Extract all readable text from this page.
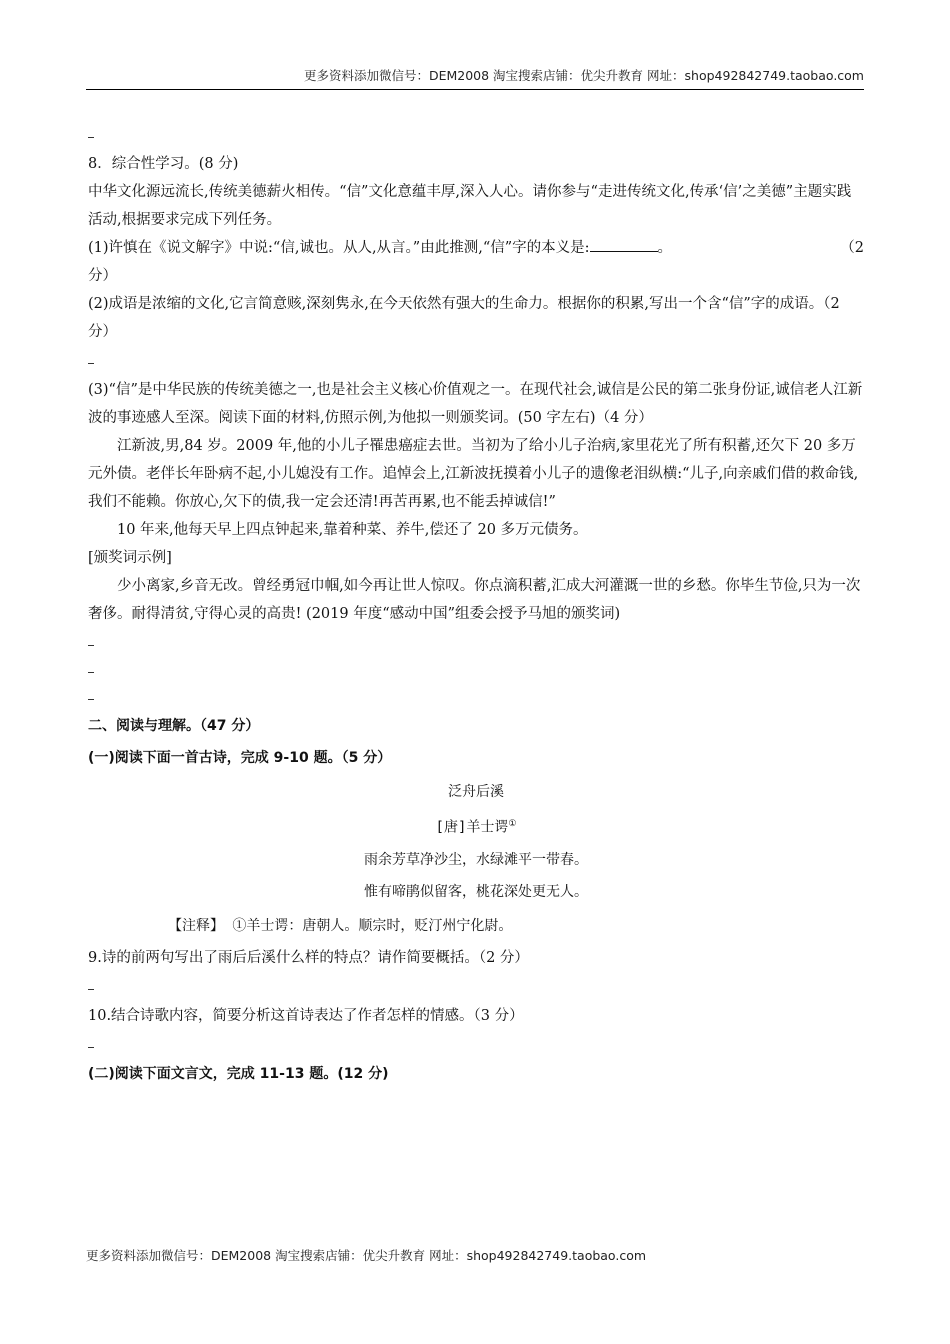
更多资料添加微信号：DEM2008 淘宝搜索店铺：优尖升教育 网址：shop492842749.taobao.com

8．综合性学习。(8 分)

中华文化源远流长,传统美德薪火相传。“信”文化意蕴丰厚,深入人心。请你参与“走进传统文化,传承‘信’之美德”主题实践活动,根据要求完成下列任务。

(1)许慎在《说文解字》中说:“信,诚也。从人,从言。”由此推测,“信”字的本义是:	。	（2

分）

(2)成语是浓缩的文化,它言简意赅,深刻隽永,在今天依然有强大的生命力。根据你的积累,写出一个含“信”字的成语。（2 分）

(3)“信”是中华民族的传统美德之一,也是社会主义核心价值观之一。在现代社会,诚信是公民的第二张身份证,诚信老人江新波的事迹感人至深。阅读下面的材料,仿照示例,为他拟一则颁奖词。(50 字左右)（4 分）

江新波,男,84 岁。2009 年,他的小儿子罹患癌症去世。当初为了给小儿子治病,家里花光了所有积蓄,还欠下 20 多万元外债。老伴长年卧病不起,小儿媳没有工作。追悼会上,江新波抚摸着小儿子的遗像老泪纵横:“儿子,向亲戚们借的救命钱,我们不能赖。你放心,欠下的债,我一定会还清!再苦再累,也不能丢掉诚信!”

10 年来,他每天早上四点钟起来,靠着种菜、养牛,偿还了 20 多万元债务。

[颁奖词示例]

少小离家,乡音无改。曾经勇冠巾帼,如今再让世人惊叹。你点滴积蓄,汇成大河灌溉一世的乡愁。你毕生节俭,只为一次奢侈。耐得清贫,守得心灵的高贵! (2019 年度“感动中国”组委会授予马旭的颁奖词)

二、阅读与理解。（47 分）

(一)阅读下面一首古诗，完成 9-10 题。（5 分）

泛舟后溪

[唐]羊士谔①

雨余芳草净沙尘，水绿滩平一带春。

惟有啼鹃似留客，桃花深处更无人。

【注释】 ①羊士谔：唐朝人。顺宗时，贬汀州宁化尉。

9.诗的前两句写出了雨后后溪什么样的特点？请作简要概括。（2 分）

10.结合诗歌内容，简要分析这首诗表达了作者怎样的情感。（3 分）

(二)阅读下面文言文，完成 11-13 题。(12 分)

更多资料添加微信号：DEM2008 淘宝搜索店铺：优尖升教育 网址：shop492842749.taobao.com
